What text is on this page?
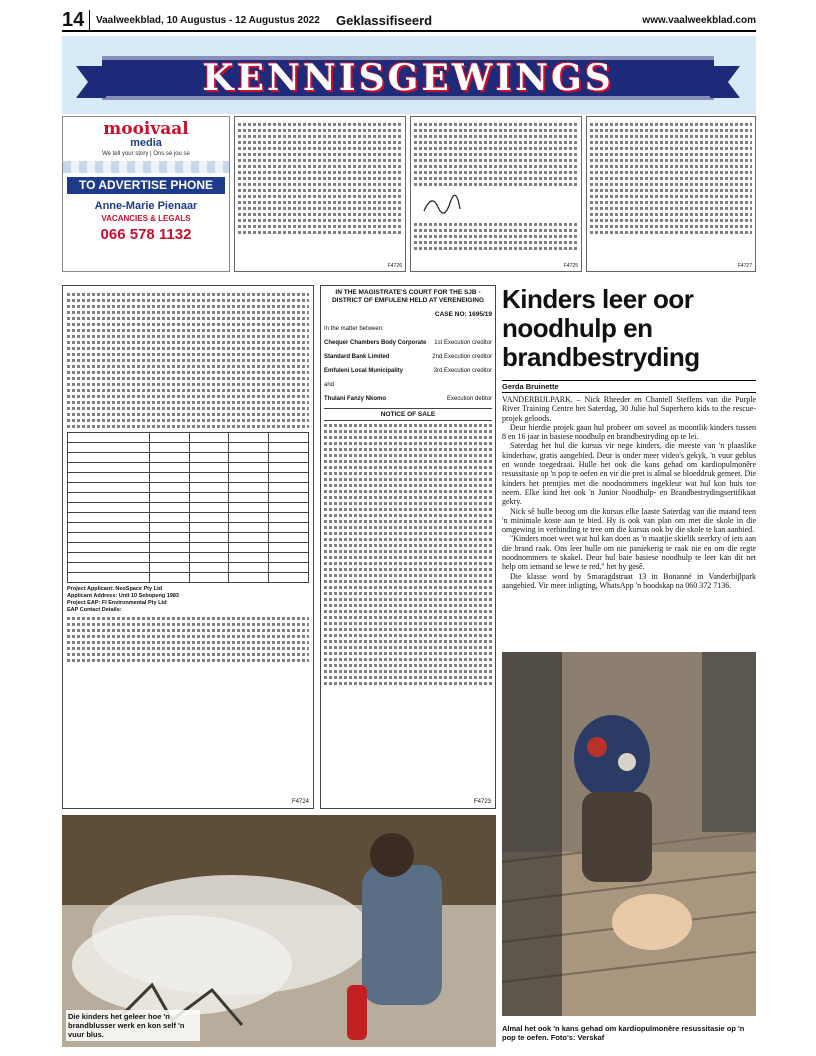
14	Vaalweekblad, 10 Augustus - 12 Augustus 2022	Geklassifiseerd	www.vaalweekblad.com
KENNISGEWINGS
mooivaal
media
We tell your story | Ons se jou se
TO ADVERTISE PHONE
Anne-Marie Pienaar
VACANCIES & LEGALS
066 578 1132
F4726	F4725	F4727

Project Applicant: NeoSpace Pty Ltd
Applicant Address: Unit 10 Sebopeng 1983
Project EAP: FI Environmental Pty Ltd
EAP Contact Details:
F4724
IN THE MAGISTRATE'S COURT FOR THE SJB - DISTRICT OF EMFULENI HELD AT VERENEIGING
CASE NO: 1695/19
In the matter between:
Chequer Chambers Body Corporate 1st Execution creditor
Standard Bank Limited	2nd Execution creditor
Emfuleni Local Municipality	3rd Execution creditor
and
Thulani Fanzy Nkomo	Execution debtor
NOTICE OF SALE
F4723
Kinders leer oor noodhulp en brandbestryding
Gerda Bruinette

VANDERBIJLPARK. – Nick Rheeder en Chantell Steffens van die Purple River Training Centre het Saterdag, 30 Julie hul Superhero kids to the rescue-projek geloods.

Deur hierdie projek gaan hul probeer om soveel as moontlik kinders tussen 8 en 16 jaar in basiese noodhulp en brandbestryding op te lei.

Saterdag het hul die kursus vir nege kinders, die meeste van 'n plaaslike kinderhaw, gratis aangebied. Deur is onder meer video's gekyk, 'n vuur geblus en wonde toegedraai. Hulle het ook die kans gehad om kardiopulmonêre resussitasie op 'n pop te oefen en vir die pret is almal se bloeddruk gemeet. Die kinders het prentjies met die noodnommers ingekleur wat hul kon huis toe neem. Elke kind het ook 'n Junior Noodhulp- en Brandbestrydingsertifikaat gekry.

Nick sê hulle beoog om die kursus elke laaste Saterdag van die maand teen 'n minimale koste aan te bied. Hy is ook van plan om met die skole in die omgewing in verbinding te tree om die kursus ook by die skole te kan aanbied.

"Kinders moet weet wat hul kan doen as 'n maatjie skielik seerkry of iets aan die brand raak. Ons leer hulle om nie paniekerig te raak nie en om die regte noodnommers te skakel. Deur hul baie basiese noodhulp te leer kan dit net help om iemand se lewe te red," het hy gesê.

Die klasse word by Smaragdstraat 13 in Bonanné in Vanderbijlpark aangebied. Vir meer inligting, WhatsApp 'n boodskap na 060 372 7136.

Die kinders het geleer hoe 'n brandblusser werk en kon self 'n vuur blus.
Almal het ook 'n kans gehad om kardiopulmonêre resussitasie op 'n pop te oefen. Foto's: Verskaf
